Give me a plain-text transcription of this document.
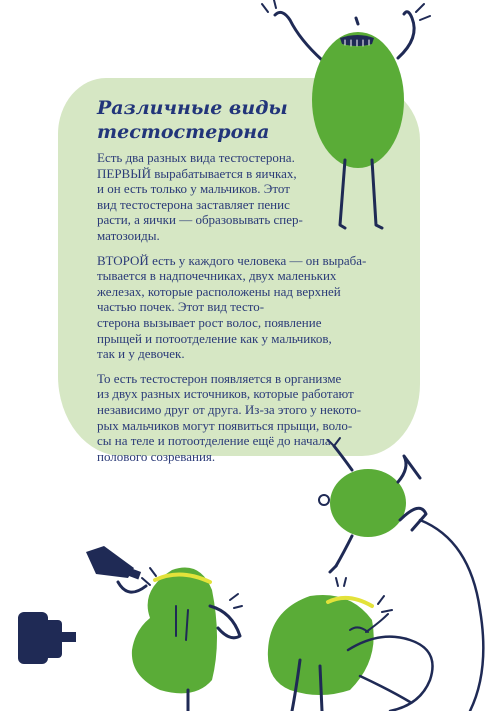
Различные виды
тестостерона

Есть два разных вида тестостерона.
ПЕРВЫЙ вырабатывается в яичках,
и он есть только у мальчиков. Этот
вид тестостерона заставляет пенис
расти, а яички — образовывать спер-
матозоиды.

ВТОРОЙ есть у каждого человека — он выраба-
тывается в надпочечниках, двух маленьких
железах, которые расположены над верхней
частью почек. Этот вид тесто-
стерона вызывает рост волос, появление
прыщей и потоотделение как у мальчиков,
так и у девочек.

То есть тестостерон появляется в организме
из двух разных источников, которые работают
независимо друг от друга. Из-за этого у некото-
рых мальчиков могут появиться прыщи, воло-
сы на теле и потоотделение ещё до начала
полового созревания.
